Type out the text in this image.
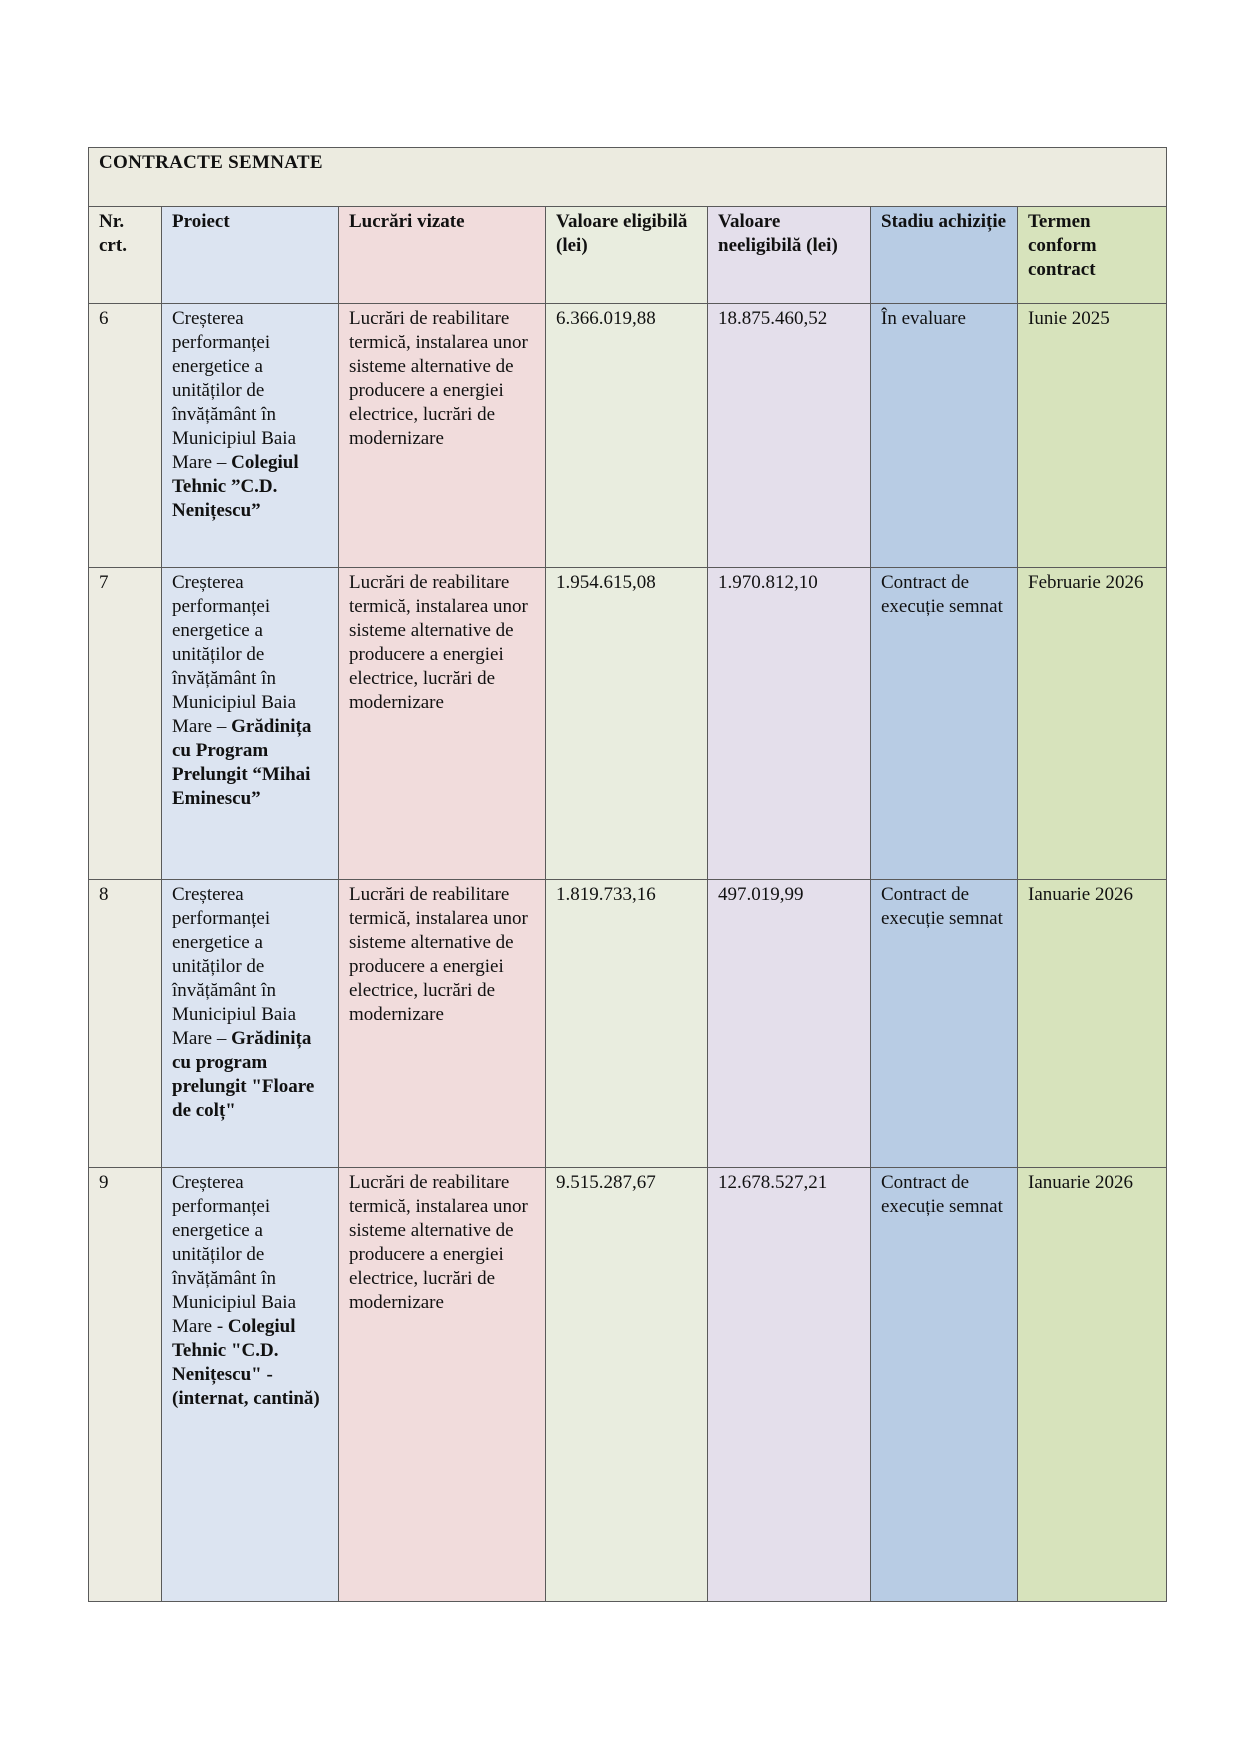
CONTRACTE SEMNATE						
Nr. crt.	Proiect	Lucrări vizate	Valoare eligibilă (lei)	Valoare neeligibilă (lei)	Stadiu achiziție	Termen conform contract
6	Creșterea performanței energetice a unităților de învățământ în Municipiul Baia Mare – Colegiul Tehnic ”C.D. Nenițescu”	Lucrări de reabilitare termică, instalarea unor sisteme alternative de producere a energiei electrice, lucrări de modernizare	6.366.019,88	18.875.460,52	În evaluare	Iunie 2025
7	Creșterea performanței energetice a unităților de învățământ în Municipiul Baia Mare – Grădinița cu Program Prelungit “Mihai Eminescu”	Lucrări de reabilitare termică, instalarea unor sisteme alternative de producere a energiei electrice, lucrări de modernizare	1.954.615,08	1.970.812,10	Contract de execuție semnat	Februarie 2026
8	Creșterea performanței energetice a unităților de învățământ în Municipiul Baia Mare – Grădinița cu program prelungit "Floare de colț"	Lucrări de reabilitare termică, instalarea unor sisteme alternative de producere a energiei electrice, lucrări de modernizare	1.819.733,16	497.019,99	Contract de execuție semnat	Ianuarie 2026
9	Creșterea performanței energetice a unităților de învățământ în Municipiul Baia Mare - Colegiul Tehnic "C.D. Nenițescu" - (internat, cantină)	Lucrări de reabilitare termică, instalarea unor sisteme alternative de producere a energiei electrice, lucrări de modernizare	9.515.287,67	12.678.527,21	Contract de execuție semnat	Ianuarie 2026
